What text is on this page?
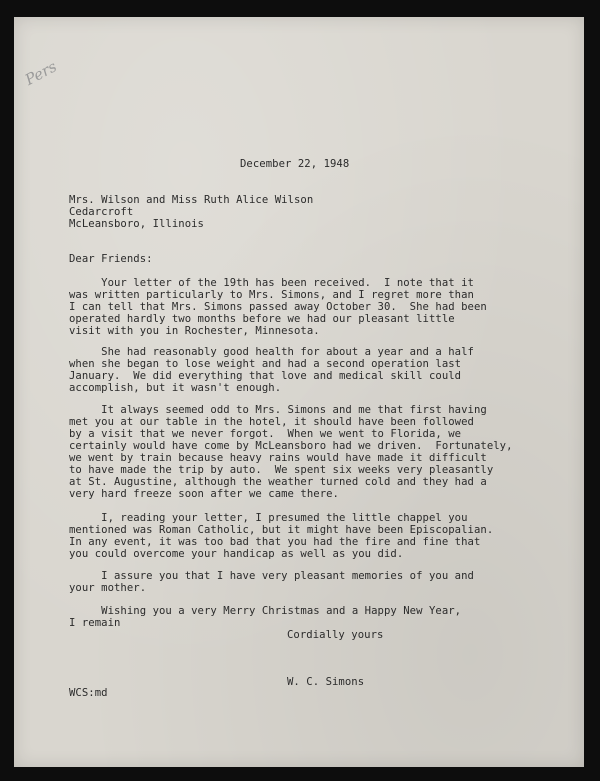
Pers
December 22, 1948
Mrs. Wilson and Miss Ruth Alice Wilson
Cedarcroft
McLeansboro, Illinois
Dear Friends:
Your letter of the 19th has been received.  I note that it
was written particularly to Mrs. Simons, and I regret more than
I can tell that Mrs. Simons passed away October 30.  She had been
operated hardly two months before we had our pleasant little
visit with you in Rochester, Minnesota.
She had reasonably good health for about a year and a half
when she began to lose weight and had a second operation last
January.  We did everything that love and medical skill could
accomplish, but it wasn't enough.
It always seemed odd to Mrs. Simons and me that first having
met you at our table in the hotel, it should have been followed
by a visit that we never forgot.  When we went to Florida, we
certainly would have come by McLeansboro had we driven.  Fortunately,
we went by train because heavy rains would have made it difficult
to have made the trip by auto.  We spent six weeks very pleasantly
at St. Augustine, although the weather turned cold and they had a
very hard freeze soon after we came there.
I, reading your letter, I presumed the little chappel you
mentioned was Roman Catholic, but it might have been Episcopalian.
In any event, it was too bad that you had the fire and fine that
you could overcome your handicap as well as you did.
I assure you that I have very pleasant memories of you and
your mother.
Wishing you a very Merry Christmas and a Happy New Year,
I remain
Cordially yours
W. C. Simons
WCS:md
